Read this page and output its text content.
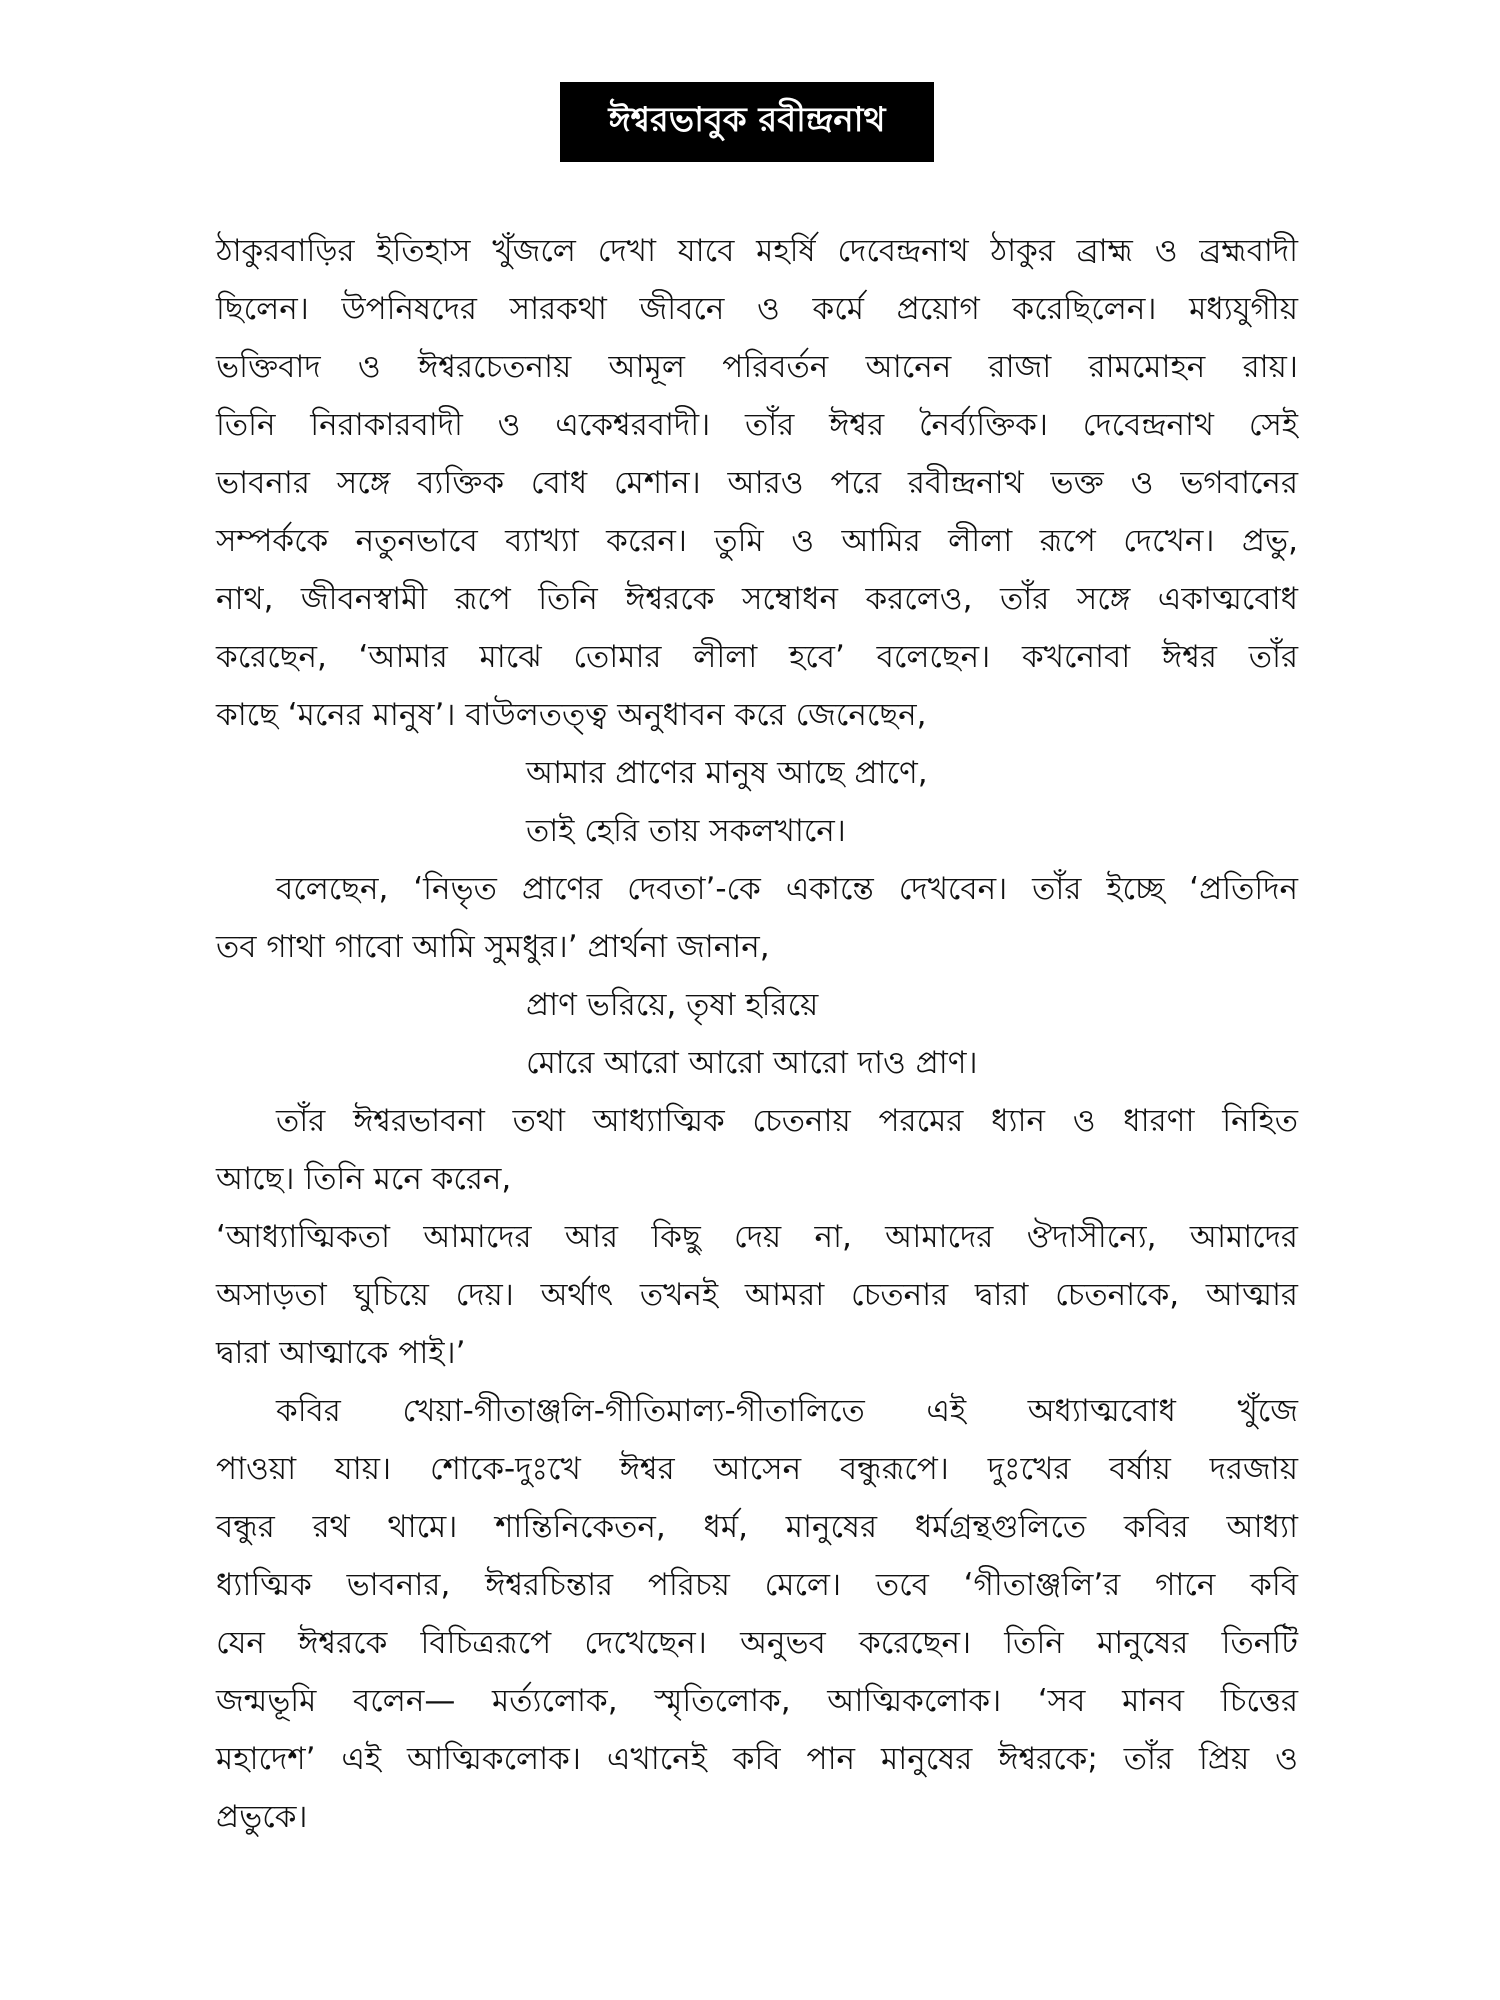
ঈশ্বরভাবুক রবীন্দ্রনাথ
ঠাকুরবাড়ির ইতিহাস খুঁজলে দেখা যাবে মহর্ষি দেবেন্দ্রনাথ ঠাকুর ব্রাহ্ম ও ব্রহ্মবাদী
ছিলেন। উপনিষদের সারকথা জীবনে ও কর্মে প্রয়োগ করেছিলেন। মধ্যযুগীয়
ভক্তিবাদ ও ঈশ্বরচেতনায় আমূল পরিবর্তন আনেন রাজা রামমোহন রায়।
তিনি নিরাকারবাদী ও একেশ্বরবাদী। তাঁর ঈশ্বর নৈর্ব্যক্তিক। দেবেন্দ্রনাথ সেই
ভাবনার সঙ্গে ব্যক্তিক বোধ মেশান। আরও পরে রবীন্দ্রনাথ ভক্ত ও ভগবানের
সম্পর্ককে নতুনভাবে ব্যাখ্যা করেন। তুমি ও আমির লীলা রূপে দেখেন। প্রভু,
নাথ, জীবনস্বামী রূপে তিনি ঈশ্বরকে সম্বোধন করলেও, তাঁর সঙ্গে একাত্মবোধ
করেছেন, ‘আমার মাঝে তোমার লীলা হবে’ বলেছেন। কখনোবা ঈশ্বর তাঁর
কাছে ‘মনের মানুষ’। বাউলতত্ত্ব অনুধাবন করে জেনেছেন,
আমার প্রাণের মানুষ আছে প্রাণে,
তাই হেরি তায় সকলখানে।
বলেছেন, ‘নিভৃত প্রাণের দেবতা’-কে একান্তে দেখবেন। তাঁর ইচ্ছে ‘প্রতিদিন
তব গাথা গাবো আমি সুমধুর।’ প্রার্থনা জানান,
প্রাণ ভরিয়ে, তৃষা হরিয়ে
মোরে আরো আরো আরো দাও প্রাণ।
তাঁর ঈশ্বরভাবনা তথা আধ্যাত্মিক চেতনায় পরমের ধ্যান ও ধারণা নিহিত
আছে। তিনি মনে করেন,
‘আধ্যাত্মিকতা আমাদের আর কিছু দেয় না, আমাদের ঔদাসীন্যে, আমাদের
অসাড়তা ঘুচিয়ে দেয়। অর্থাৎ তখনই আমরা চেতনার দ্বারা চেতনাকে, আত্মার
দ্বারা আত্মাকে পাই।’
কবির খেয়া-গীতাঞ্জলি-গীতিমাল্য-গীতালিতে এই অধ্যাত্মবোধ খুঁজে
পাওয়া যায়। শোকে-দুঃখে ঈশ্বর আসেন বন্ধুরূপে। দুঃখের বর্ষায় দরজায়
বন্ধুর রথ থামে। শান্তিনিকেতন, ধর্ম, মানুষের ধর্মগ্রন্থগুলিতে কবির আধ্যা
ধ্যাত্মিক ভাবনার, ঈশ্বরচিন্তার পরিচয় মেলে। তবে ‘গীতাঞ্জলি’র গানে কবি
যেন ঈশ্বরকে বিচিত্ররূপে দেখেছেন। অনুভব করেছেন। তিনি মানুষের তিনটি
জন্মভূমি বলেন— মর্ত্যলোক, স্মৃতিলোক, আত্মিকলোক। ‘সব মানব চিত্তের
মহাদেশ’ এই আত্মিকলোক। এখানেই কবি পান মানুষের ঈশ্বরকে; তাঁর প্রিয় ও
প্রভুকে।
